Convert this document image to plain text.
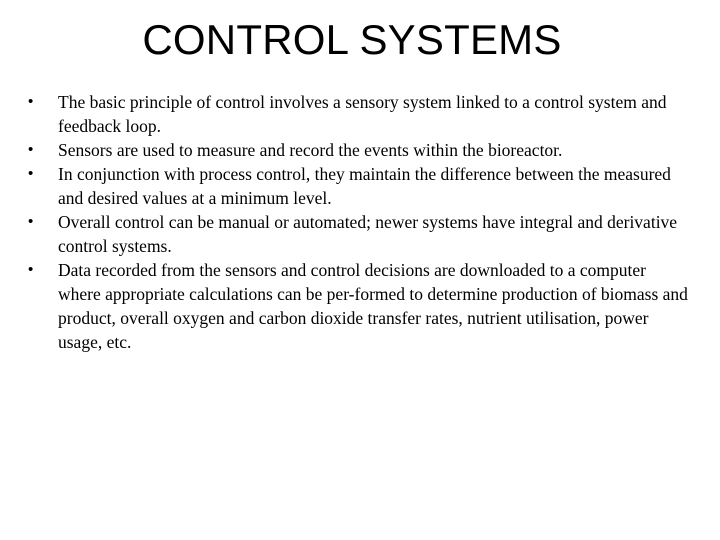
CONTROL SYSTEMS
•	The basic principle of control involves a sensory system linked to a control system and feedback loop.
•	Sensors are used to measure and record the events within the bioreactor.
•	In conjunction with process control, they maintain the difference between the measured and desired values at a minimum level.
•	Overall control can be manual or automated; newer systems have integral and derivative control systems.
•	Data recorded from the sensors and control decisions are downloaded to a computer where appropriate calculations can be per-formed to determine production of biomass and product, overall oxygen and carbon dioxide transfer rates, nutrient utilisation, power usage, etc.
